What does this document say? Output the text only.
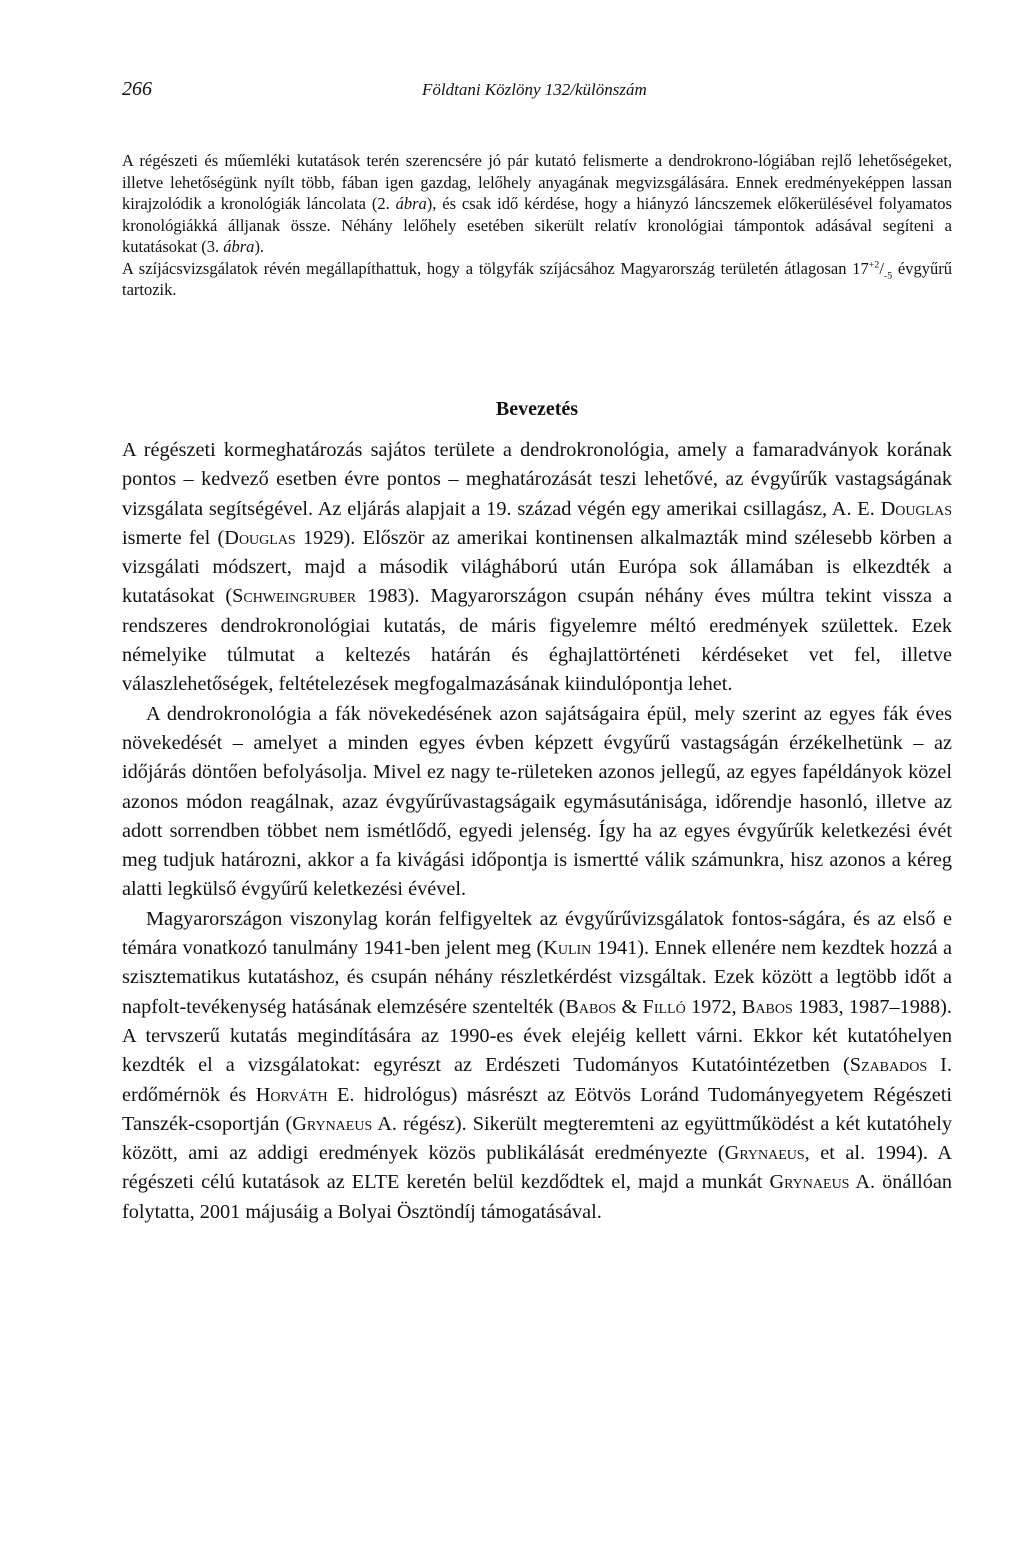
266	Földtani Közlöny 132/különszám

A régészeti és műemléki kutatások terén szerencsére jó pár kutató felismerte a dendrokrono-lógiában rejlő lehetőségeket, illetve lehetőségünk nyílt több, fában igen gazdag, lelőhely anyagának megvizsgálására. Ennek eredményeképpen lassan kirajzolódik a kronológiák láncolata (2. ábra), és csak idő kérdése, hogy a hiányzó láncszemek előkerülésével folyamatos kronológiákká álljanak össze. Néhány lelőhely esetében sikerült relatív kronológiai támpontok adásával segíteni a kutatásokat (3. ábra).

A szíjácsvizsgálatok révén megállapíthattuk, hogy a tölgyfák szíjácsához Magyarország területén átlagosan $17^{+2}/_{-5}$ évgyűrű tartozik.

Bevezetés

A régészeti kormeghatározás sajátos területe a dendrokronológia, amely a famaradványok korának pontos – kedvező esetben évre pontos – meghatározását teszi lehetővé, az évgyűrűk vastagságának vizsgálata segítségével. Az eljárás alapjait a 19. század végén egy amerikai csillagász, A. E. Douglas ismerte fel (Douglas 1929). Először az amerikai kontinensen alkalmazták mind szélesebb körben a vizsgálati módszert, majd a második világháború után Európa sok államában is elkezdték a kutatásokat (Schweingruber 1983). Magyarországon csupán néhány éves múltra tekint vissza a rendszeres dendrokronológiai kutatás, de máris figyelemre méltó eredmények születtek. Ezek némelyike túlmutat a keltezés határán és éghajlattörténeti kérdéseket vet fel, illetve válaszlehetőségek, feltételezések megfogalmazásának kiindulópontja lehet.

A dendrokronológia a fák növekedésének azon sajátságaira épül, mely szerint az egyes fák éves növekedését – amelyet a minden egyes évben képzett évgyűrű vastagságán érzékelhetünk – az időjárás döntően befolyásolja. Mivel ez nagy te-rületeken azonos jellegű, az egyes fapéldányok közel azonos módon reagálnak, azaz évgyűrűvastagságaik egymásutánisága, időrendje hasonló, illetve az adott sorrendben többet nem ismétlődő, egyedi jelenség. Így ha az egyes évgyűrűk keletkezési évét meg tudjuk határozni, akkor a fa kivágási időpontja is ismertté válik számunkra, hisz azonos a kéreg alatti legkülső évgyűrű keletkezési évével.

Magyarországon viszonylag korán felfigyeltek az évgyűrűvizsgálatok fontos-ságára, és az első e témára vonatkozó tanulmány 1941-ben jelent meg (Kulin 1941). Ennek ellenére nem kezdtek hozzá a szisztematikus kutatáshoz, és csupán néhány részletkérdést vizsgáltak. Ezek között a legtöbb időt a napfolt-tevékenység hatásának elemzésére szentelték (Babos & Filló 1972, Babos 1983, 1987–1988). A tervszerű kutatás megindítására az 1990-es évek elejéig kellett várni. Ekkor két kutatóhelyen kezdték el a vizsgálatokat: egyrészt az Erdészeti Tudományos Kutatóintézetben (Szabados I. erdőmérnök és Horváth E. hidrológus) másrészt az Eötvös Loránd Tudományegyetem Régészeti Tanszék-csoportján (Grynaeus A. régész). Sikerült megteremteni az együttműködést a két kutatóhely között, ami az addigi eredmények közös publikálását eredményezte (Grynaeus, et al. 1994). A régészeti célú kutatások az ELTE keretén belül kezdődtek el, majd a munkát Grynaeus A. önállóan folytatta, 2001 májusáig a Bolyai Ösztöndíj támogatásával.
